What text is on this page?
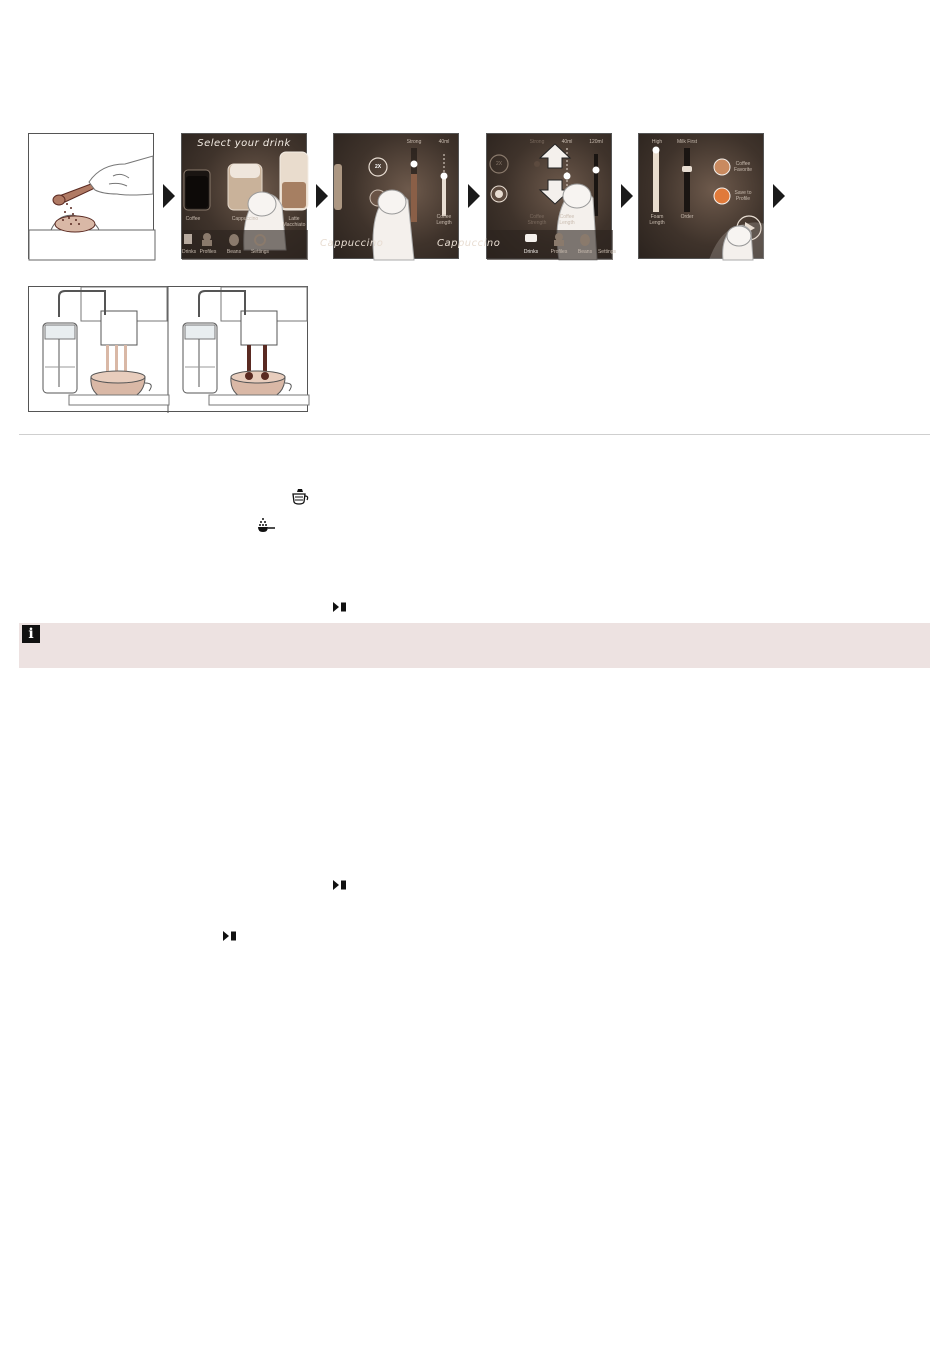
Select your drink
Coffee	Cappuccino	Latte Macchiato
Drinks Profiles	Beans	Settings
2X
Strong	40ml
Coffee Length
Cappuccino
2X
Strong	40ml	120ml
Coffee Strength
Coffee Length
Cappuccino
Drinks	Profiles	Beans	Settings
High	Milk First
Foam Length
Order
Coffee Favorite
Save to Profile
i
